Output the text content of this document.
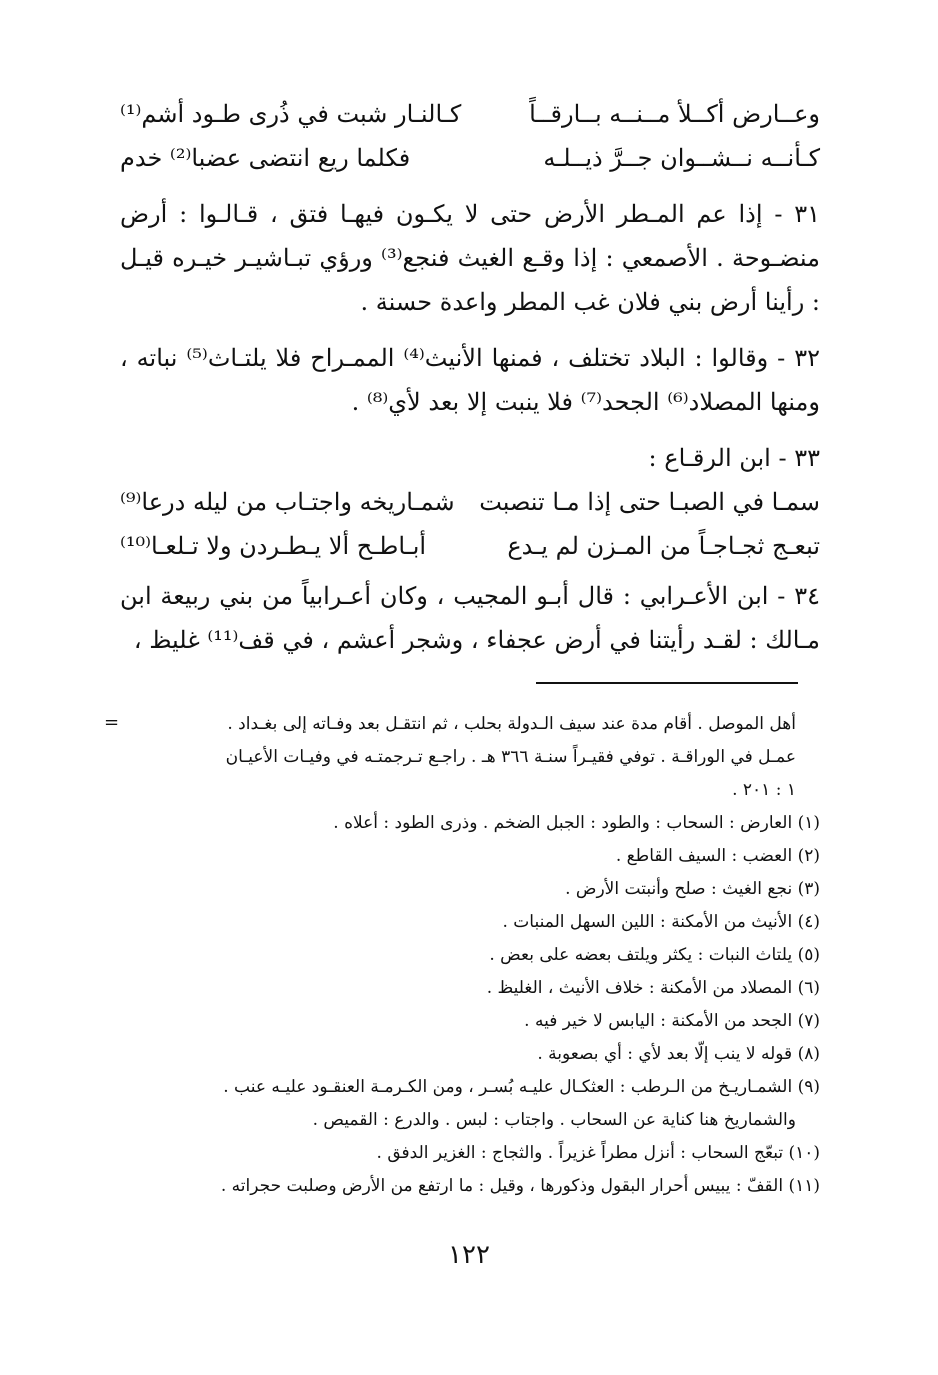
وعــارض أكــلأ مــنــه بــارقــاً
كـالنـار شبت في ذُرى طـود أشم⁽¹⁾
كـأنــه نــشــوان جــرَّ ذيــلـه
فكلما ريع انتضى عضبا⁽²⁾ خدم

٣١ - إذا عم المـطر الأرض حتى لا يكـون فيهـا فتق ، قـالـوا : أرض منضـوحة . الأصمعي : إذا وقـع الغيث فنجع⁽³⁾ ورؤي تبـاشيـر خيـره قيـل : رأينا أرض بني فلان غب المطر واعدة حسنة .

٣٢ - وقالوا : البلاد تختلف ، فمنها الأنيث⁽⁴⁾ الممـراح فلا يلتـاث⁽⁵⁾ نباته ، ومنها المصلاد⁽⁶⁾ الجحد⁽⁷⁾ فلا ينبت إلا بعد لأي⁽⁸⁾ .

٣٣ - ابن الرقـاع :

سمـا في الصبـا حتى إذا مـا تنصبت
شمـاريخه واجتـاب من ليله درعا⁽⁹⁾
تبعـج ثجـاجـاً من المـزن لم يـدع
أبـاطـح ألا يـطـردن ولا تـلعـا⁽¹⁰⁾

٣٤ - ابن الأعـرابي : قال أبـو المجيب ، وكان أعـرابياً من بني ربيعة ابن مـالك : لقـد رأيتنا في أرض عجفاء ، وشجر أعشم ، في قف⁽¹¹⁾ غليظ ،

=	أهل الموصل . أقام مدة عند سيف الـدولة بحلب ، ثم انتقـل بعد وفـاته إلى بغـداد .
عمـل في الوراقـة . توفي فقيـراً سنـة ٣٦٦ هـ . راجـع تـرجمتـه في وفيـات الأعيـان
١ : ٢٠١ .
(١) العارض : السحاب : والطود : الجبل الضخم . وذرى الطود : أعلاه .
(٢) العضب : السيف القاطع .
(٣) نجع الغيث : صلح وأنبتت الأرض .
(٤) الأنيث من الأمكنة : اللين السهل المنبات .
(٥) يلتاث النبات : يكثر ويلتف بعضه على بعض .
(٦) المصلاد من الأمكنة : خلاف الأنيث ، الغليظ .
(٧) الجحد من الأمكنة : اليابس لا خير فيه .
(٨) قوله لا ينب إلّا بعد لأي : أي بصعوبة .
(٩) الشمـاريـخ من الـرطب : العثكـال عليـه بُسـر ، ومن الكـرمـة العنقـود عليـه عنب .
والشماريخ هنا كناية عن السحاب . واجتاب : لبس . والدرع : القميص .
(١٠) تبعّج السحاب : أنزل مطراً غزيراً . والثجاج : الغزير الدفق .
(١١) القفّ : يبيس أحرار البقول وذكورها ، وقيل : ما ارتفع من الأرض وصلبت حجراته .
١٢٢
